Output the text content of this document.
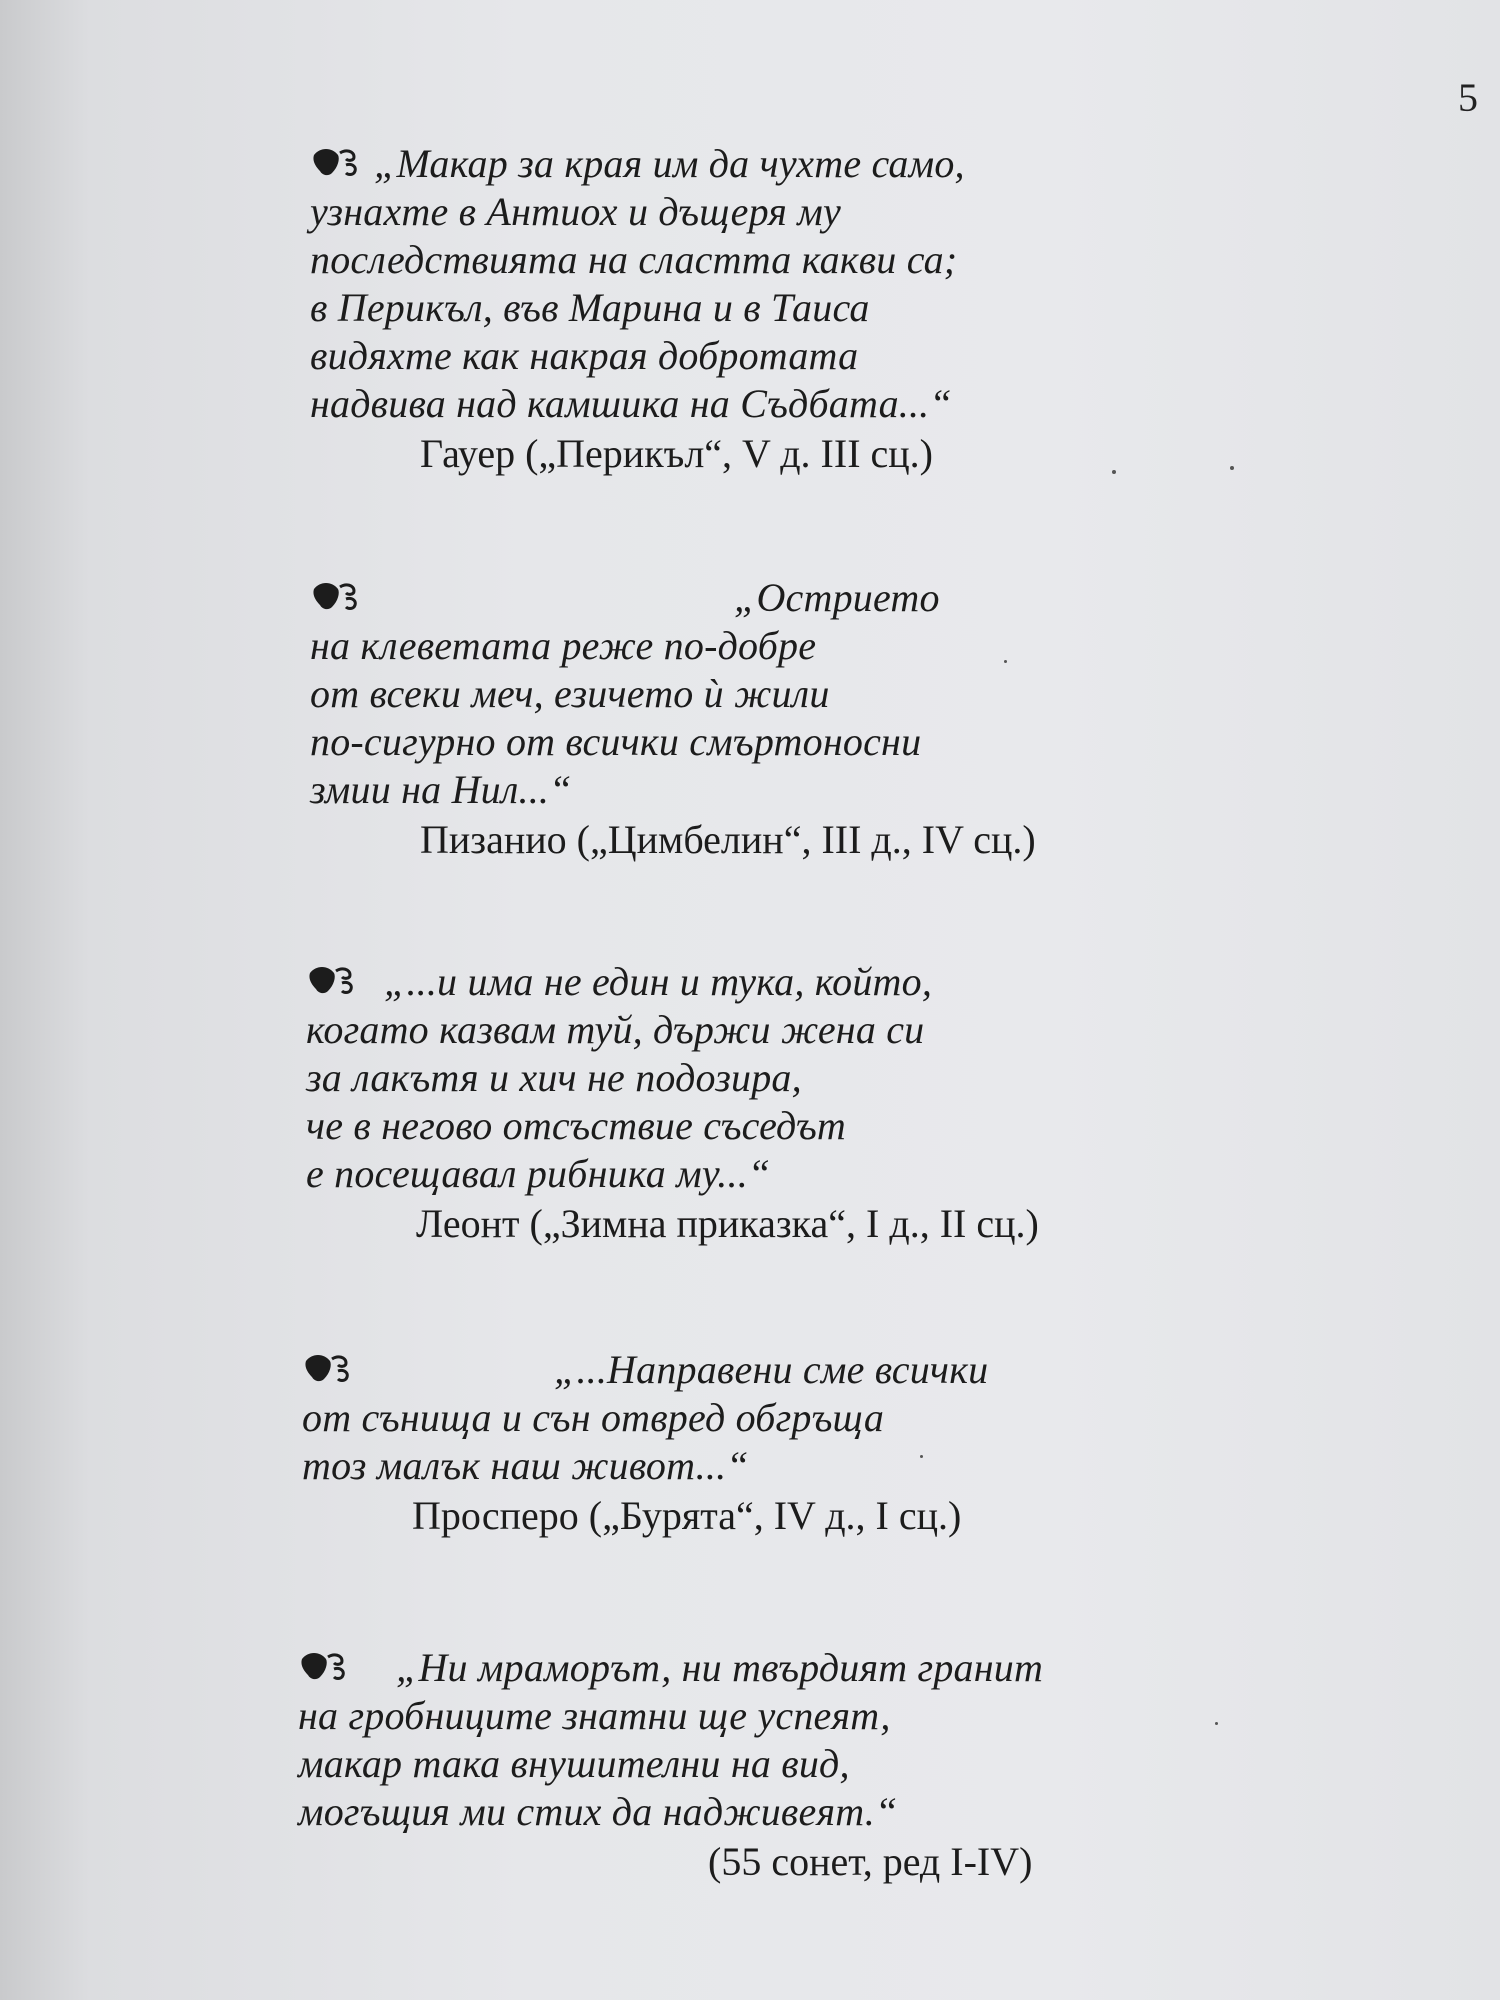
5
„Макар за края им да чухте само,
узнахте в Антиох и дъщеря му
последствията на сластта какви са;
в Перикъл, във Марина и в Таиса
видяхте как накрая добротата
надвива над камшика на Съдбата...“
Гауер („Перикъл“, V д. III сц.)
„Острието
на клеветата реже по-добре
от всеки меч, езичето ѝ жили
по-сигурно от всички смъртоносни
змии на Нил...“
Пизанио („Цимбелин“, III д., IV сц.)
„...и има не един и тука, който,
когато казвам туй, държи жена си
за лакътя и хич не подозира,
че в негово отсъствие съседът
е посещавал рибника му...“
Леонт („Зимна приказка“, I д., II сц.)
„...Направени сме всички
от сънища и сън отвред обгръща
тоз малък наш живот...“
Просперо („Бурята“, IV д., I сц.)
„Ни мраморът, ни твърдият гранит
на гробниците знатни ще успеят,
макар така внушителни на вид,
могъщия ми стих да надживеят.“
(55 сонет, ред I-IV)
